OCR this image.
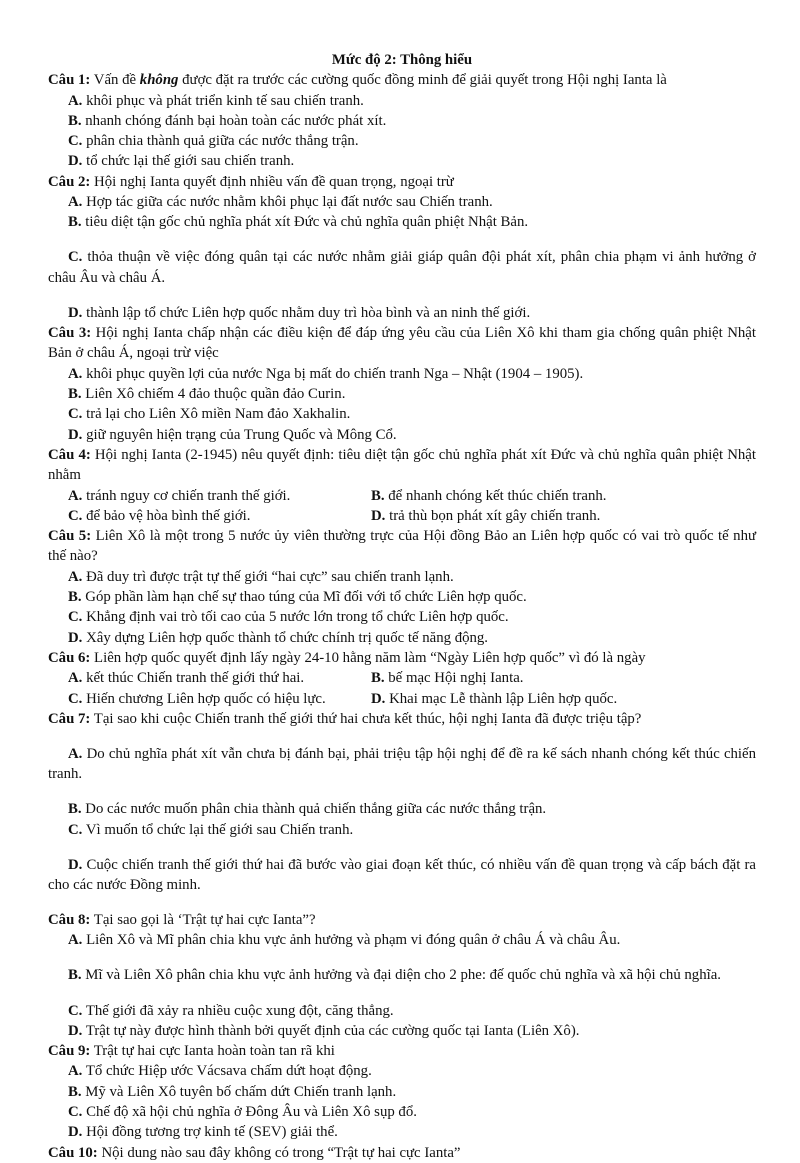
Mức độ 2: Thông hiểu

Câu 1: Vấn đề không được đặt ra trước các cường quốc đồng minh để giải quyết trong Hội nghị Ianta là

A. khôi phục và phát triển kinh tế sau chiến tranh.

B. nhanh chóng đánh bại hoàn toàn các nước phát xít.

C. phân chia thành quả giữa các nước thắng trận.

D. tổ chức lại thế giới sau chiến tranh.

Câu 2: Hội nghị Ianta quyết định nhiều vấn đề quan trọng, ngoại trừ

A. Hợp tác giữa các nước nhằm khôi phục lại đất nước sau Chiến tranh.

B. tiêu diệt tận gốc chủ nghĩa phát xít Đức và chủ nghĩa quân phiệt Nhật Bản.

C. thỏa thuận về việc đóng quân tại các nước nhằm giải giáp quân đội phát xít, phân chia phạm vi ảnh hưởng ở châu Âu và châu Á.

D. thành lập tổ chức Liên hợp quốc nhằm duy trì hòa bình và an ninh thế giới.

Câu 3: Hội nghị Ianta chấp nhận các điều kiện để đáp ứng yêu cầu của Liên Xô khi tham gia chống quân phiệt Nhật Bản ở châu Á, ngoại trừ việc

A. khôi phục quyền lợi của nước Nga bị mất do chiến tranh Nga – Nhật (1904 – 1905).

B. Liên Xô chiếm 4 đảo thuộc quần đảo Curin.

C. trả lại cho Liên Xô miền Nam đảo Xakhalin.

D. giữ nguyên hiện trạng của Trung Quốc và Mông Cổ.

Câu 4: Hội nghị Ianta (2-1945) nêu quyết định: tiêu diệt tận gốc chủ nghĩa phát xít Đức và chủ nghĩa quân phiệt Nhật nhằm

A. tránh nguy cơ chiến tranh thế giới.	B. để nhanh chóng kết thúc chiến tranh.

C. để bảo vệ hòa bình thế giới.	D. trả thù bọn phát xít gây chiến tranh.

Câu 5: Liên Xô là một trong 5 nước ủy viên thường trực của Hội đồng Bảo an Liên hợp quốc có vai trò quốc tế như thế nào?

A. Đã duy trì được trật tự thế giới “hai cực” sau chiến tranh lạnh.

B. Góp phần làm hạn chế sự thao túng của Mĩ đối với tổ chức Liên hợp quốc.

C. Khẳng định vai trò tối cao của 5 nước lớn trong tổ chức Liên hợp quốc.

D. Xây dựng Liên hợp quốc thành tổ chức chính trị quốc tế năng động.

Câu 6: Liên hợp quốc quyết định lấy ngày 24-10 hằng năm làm “Ngày Liên hợp quốc” vì đó là ngày

A. kết thúc Chiến tranh thế giới thứ hai.	B. bế mạc Hội nghị Ianta.

C. Hiến chương Liên hợp quốc có hiệu lực.	D. Khai mạc Lễ thành lập Liên hợp quốc.

Câu 7: Tại sao khi cuộc Chiến tranh thế giới thứ hai chưa kết thúc, hội nghị Ianta đã được triệu tập?

A. Do chủ nghĩa phát xít vẫn chưa bị đánh bại, phải triệu tập hội nghị để đề ra kế sách nhanh chóng kết thúc chiến tranh.

B. Do các nước muốn phân chia thành quả chiến thắng giữa các nước thắng trận.

C. Vì muốn tổ chức lại thế giới sau Chiến tranh.

D. Cuộc chiến tranh thế giới thứ hai đã bước vào giai đoạn kết thúc, có nhiều vấn đề quan trọng và cấp bách đặt ra cho các nước Đồng minh.

Câu 8: Tại sao gọi là ‘Trật tự hai cực Ianta”?

A. Liên Xô và Mĩ phân chia khu vực ảnh hưởng và phạm vi đóng quân ở châu Á và châu Âu.

B. Mĩ và Liên Xô phân chia khu vực ảnh hưởng và đại diện cho 2 phe: đế quốc chủ nghĩa và xã hội chủ nghĩa.

C. Thế giới đã xảy ra nhiều cuộc xung đột, căng thẳng.

D. Trật tự này được hình thành bởi quyết định của các cường quốc tại Ianta (Liên Xô).

Câu 9: Trật tự hai cực Ianta hoàn toàn tan rã khi

A. Tổ chức Hiệp ước Vácsava chấm dứt hoạt động.

B. Mỹ và Liên Xô tuyên bố chấm dứt Chiến tranh lạnh.

C. Chế độ xã hội chủ nghĩa ở Đông Âu và Liên Xô sụp đổ.

D. Hội đồng tương trợ kinh tế (SEV) giải thể.

Câu 10: Nội dung nào sau đây không có trong “Trật tự hai cực Ianta”
